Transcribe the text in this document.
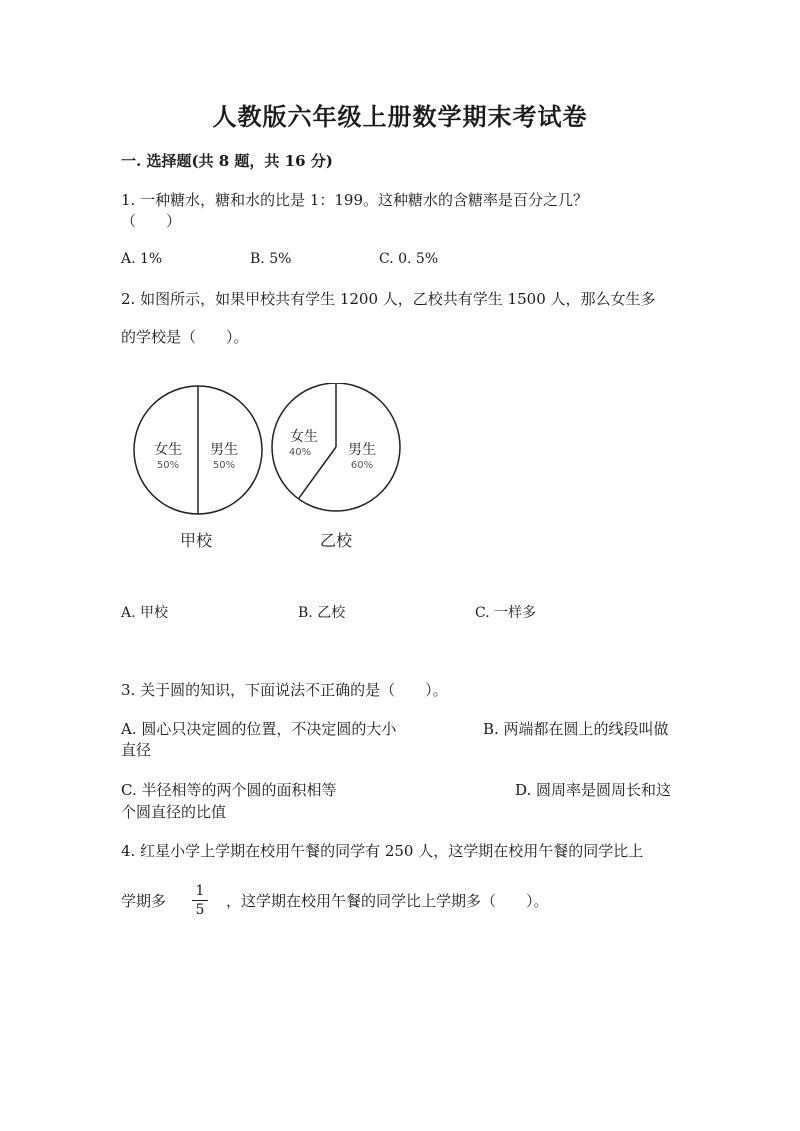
人教版六年级上册数学期末考试卷
一. 选择题(共 8 题，共 16 分)
1. 一种糖水，糖和水的比是 1：199。这种糖水的含糖率是百分之几？
（　　）
A. 1%	B. 5%	C. 0. 5%
2. 如图所示，如果甲校共有学生 1200 人，乙校共有学生 1500 人，那么女生多
的学校是（　　）。
女生
50%
男生
50%
甲校
女生
40%	男生
60%
乙校
A. 甲校	B. 乙校	C. 一样多
3. 关于圆的知识，下面说法不正确的是（　　）。
A. 圆心只决定圆的位置，不决定圆的大小	B. 两端都在圆上的线段叫做
直径
C. 半径相等的两个圆的面积相等	D. 圆周率是圆周长和这
个圆直径的比值
4. 红星小学上学期在校用午餐的同学有 250 人，这学期在校用午餐的同学比上
学期多
1
5	，这学期在校用午餐的同学比上学期多（　　）。
